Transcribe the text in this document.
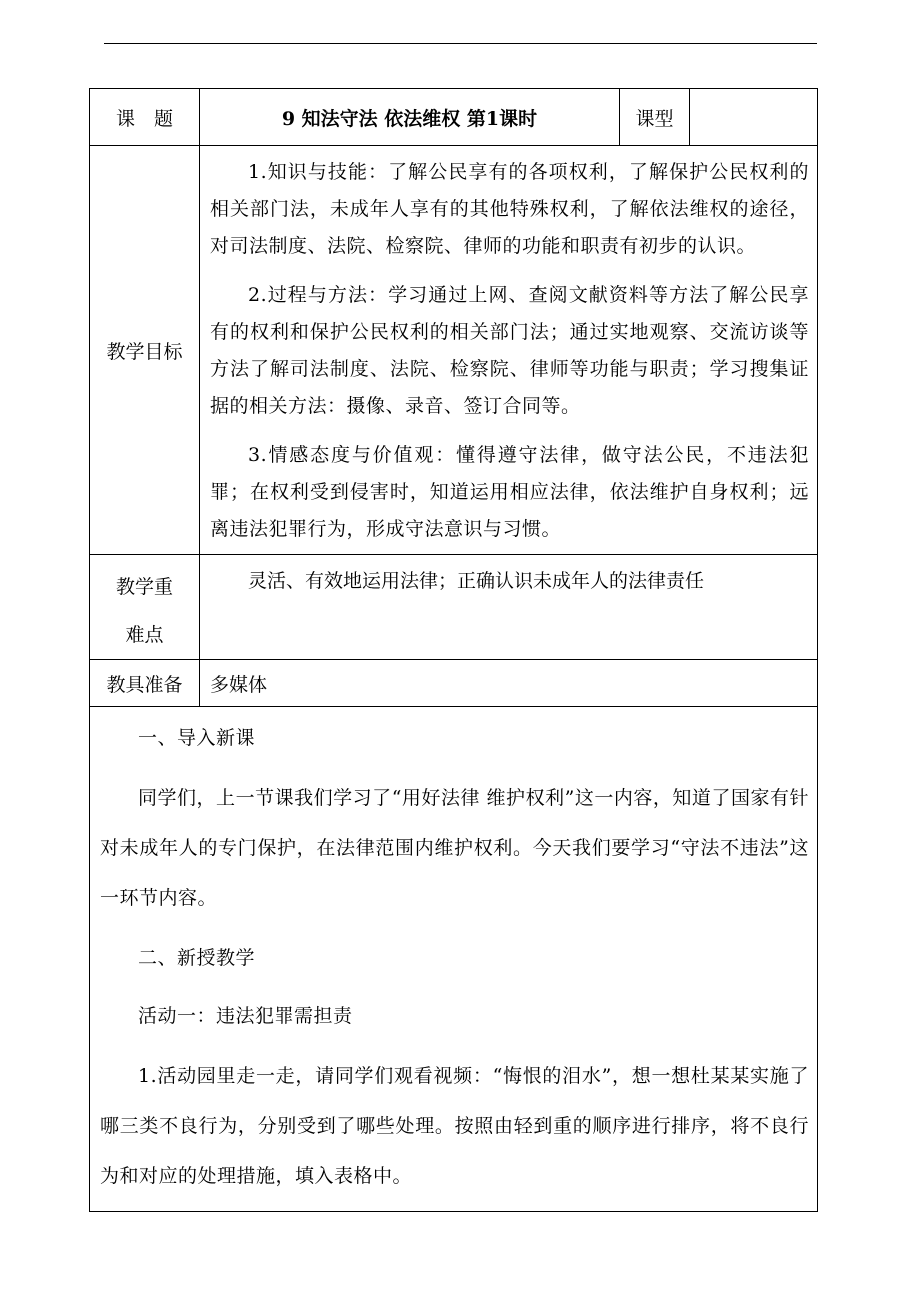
课　题	9 知法守法 依法维权 第1课时	课型	
教学目标	1.知识与技能：了解公民享有的各项权利，了解保护公民权利的相关部门法，未成年人享有的其他特殊权利，了解依法维权的途径，对司法制度、法院、检察院、律师的功能和职责有初步的认识。

2.过程与方法：学习通过上网、查阅文献资料等方法了解公民享有的权利和保护公民权利的相关部门法；通过实地观察、交流访谈等方法了解司法制度、法院、检察院、律师等功能与职责；学习搜集证据的相关方法：摄像、录音、签订合同等。

3.情感态度与价值观：懂得遵守法律，做守法公民，不违法犯罪；在权利受到侵害时，知道运用相应法律，依法维护自身权利；远离违法犯罪行为，形成守法意识与习惯。		

教学重
难点	灵活、有效地运用法律；正确认识未成年人的法律责任		
教具准备	多媒体		

一、导入新课

同学们，上一节课我们学习了“用好法律 维护权利”这一内容，知道了国家有针对未成年人的专门保护，在法律范围内维护权利。今天我们要学习“守法不违法”这一环节内容。

二、新授教学

活动一：违法犯罪需担责

1.活动园里走一走，请同学们观看视频：“悔恨的泪水”，想一想杜某某实施了哪三类不良行为，分别受到了哪些处理。按照由轻到重的顺序进行排序，将不良行为和对应的处理措施，填入表格中。			
